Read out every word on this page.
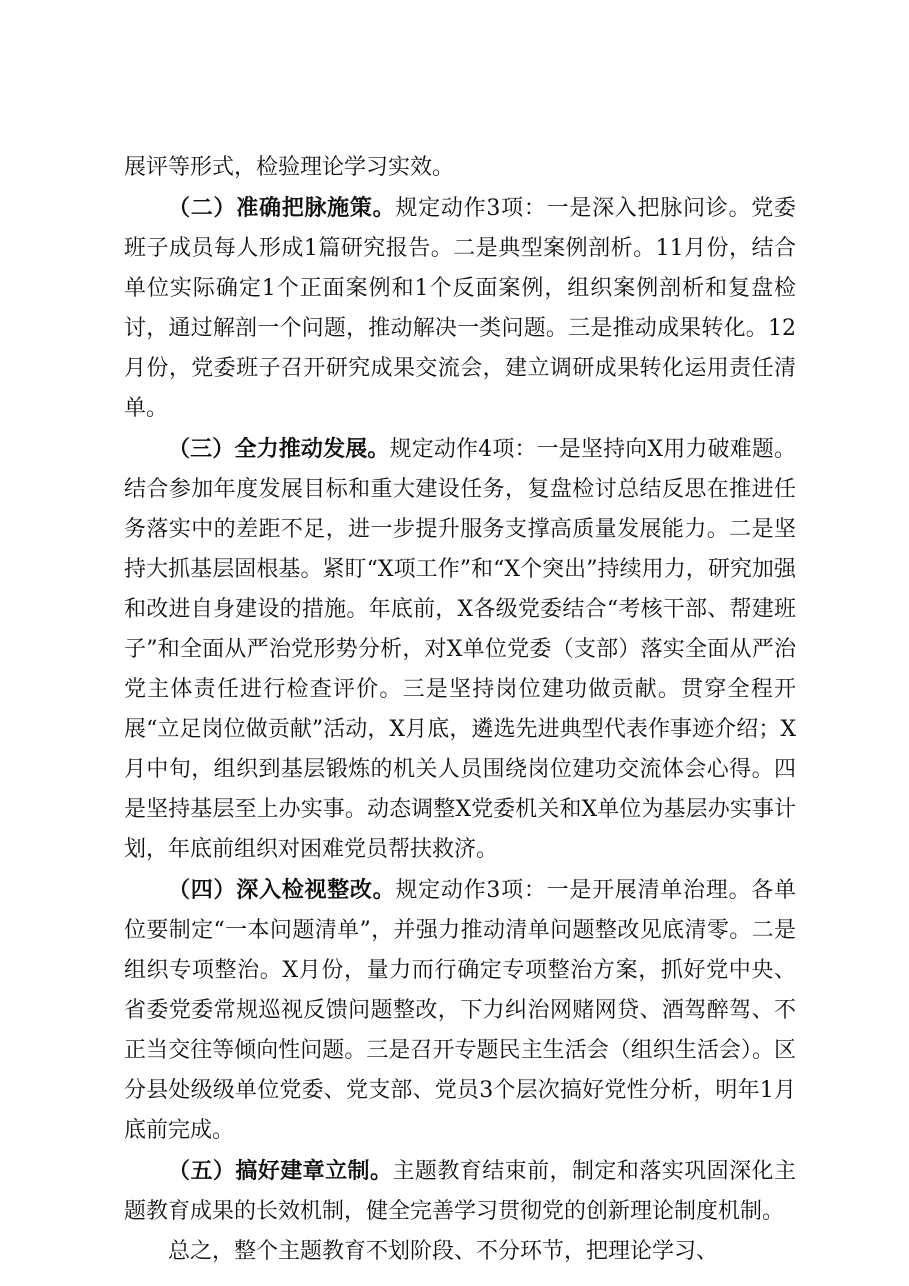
展评等形式，检验理论学习实效。

（二）准确把脉施策。规定动作3项：一是深入把脉问诊。党委班子成员每人形成1篇研究报告。二是典型案例剖析。11月份，结合单位实际确定1个正面案例和1个反面案例，组织案例剖析和复盘检讨，通过解剖一个问题，推动解决一类问题。三是推动成果转化。12月份，党委班子召开研究成果交流会，建立调研成果转化运用责任清单。

（三）全力推动发展。规定动作4项：一是坚持向X用力破难题。结合参加年度发展目标和重大建设任务，复盘检讨总结反思在推进任务落实中的差距不足，进一步提升服务支撑高质量发展能力。二是坚持大抓基层固根基。紧盯“X项工作”和“X个突出”持续用力，研究加强和改进自身建设的措施。年底前，X各级党委结合“考核干部、帮建班子”和全面从严治党形势分析，对X单位党委（支部）落实全面从严治党主体责任进行检查评价。三是坚持岗位建功做贡献。贯穿全程开展“立足岗位做贡献”活动，X月底，遴选先进典型代表作事迹介绍；X月中旬，组织到基层锻炼的机关人员围绕岗位建功交流体会心得。四是坚持基层至上办实事。动态调整X党委机关和X单位为基层办实事计划，年底前组织对困难党员帮扶救济。

（四）深入检视整改。规定动作3项：一是开展清单治理。各单位要制定“一本问题清单”，并强力推动清单问题整改见底清零。二是组织专项整治。X月份，量力而行确定专项整治方案，抓好党中央、省委党委常规巡视反馈问题整改，下力纠治网赌网贷、酒驾醉驾、不正当交往等倾向性问题。三是召开专题民主生活会（组织生活会）。区分县处级级单位党委、党支部、党员3个层次搞好党性分析，明年1月底前完成。

（五）搞好建章立制。主题教育结束前，制定和落实巩固深化主题教育成果的长效机制，健全完善学习贯彻党的创新理论制度机制。

总之，整个主题教育不划阶段、不分环节，把理论学习、
